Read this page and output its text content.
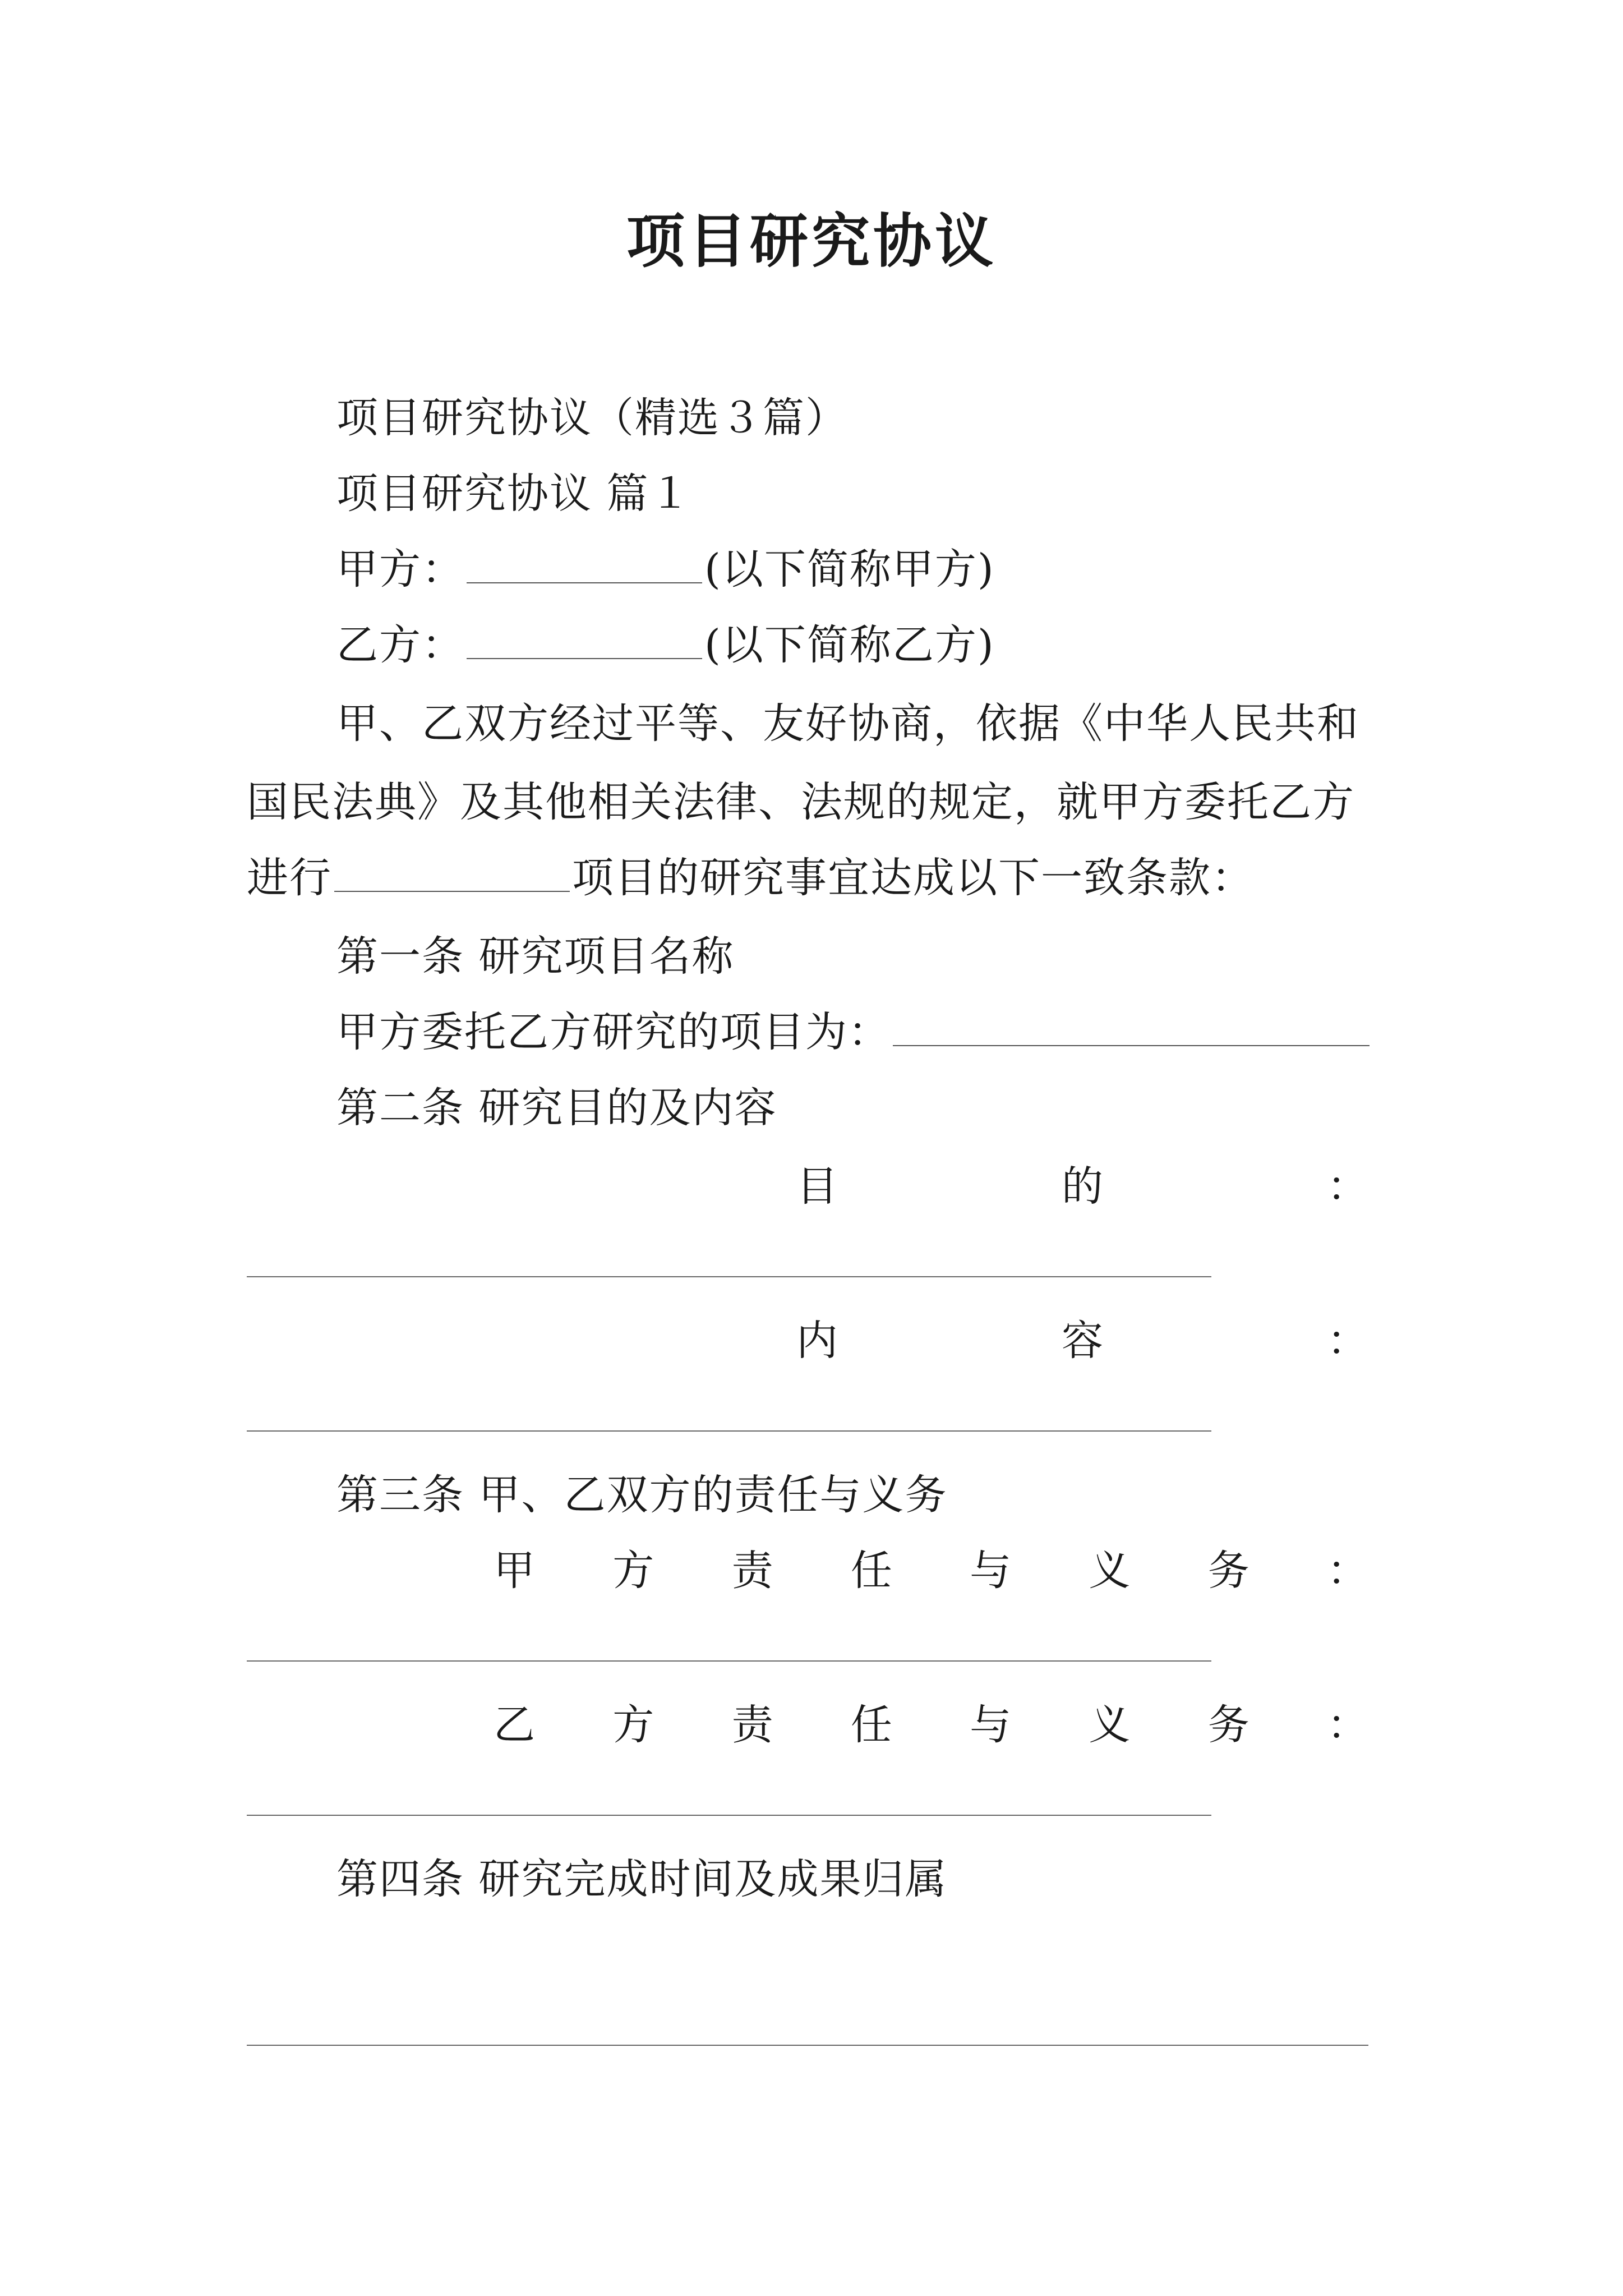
项目研究协议
项目研究协议（精选３篇）
项目研究协议 篇１
甲方：	(以下简称甲方)
乙方：	(以下简称乙方)
甲、乙双方经过平等、友好协商，依据《中华人民共和
国民法典》及其他相关法律、法规的规定，就甲方委托乙方
进行	项目的研究事宜达成以下一致条款：
第一条 研究项目名称
甲方委托乙方研究的项目为：
第二条 研究目的及内容
目	的	：
内	容	：
第三条 甲、乙双方的责任与义务
甲 方 责 任 与 义 务 ：
乙 方 责 任 与 义 务 ：
第四条 研究完成时间及成果归属
